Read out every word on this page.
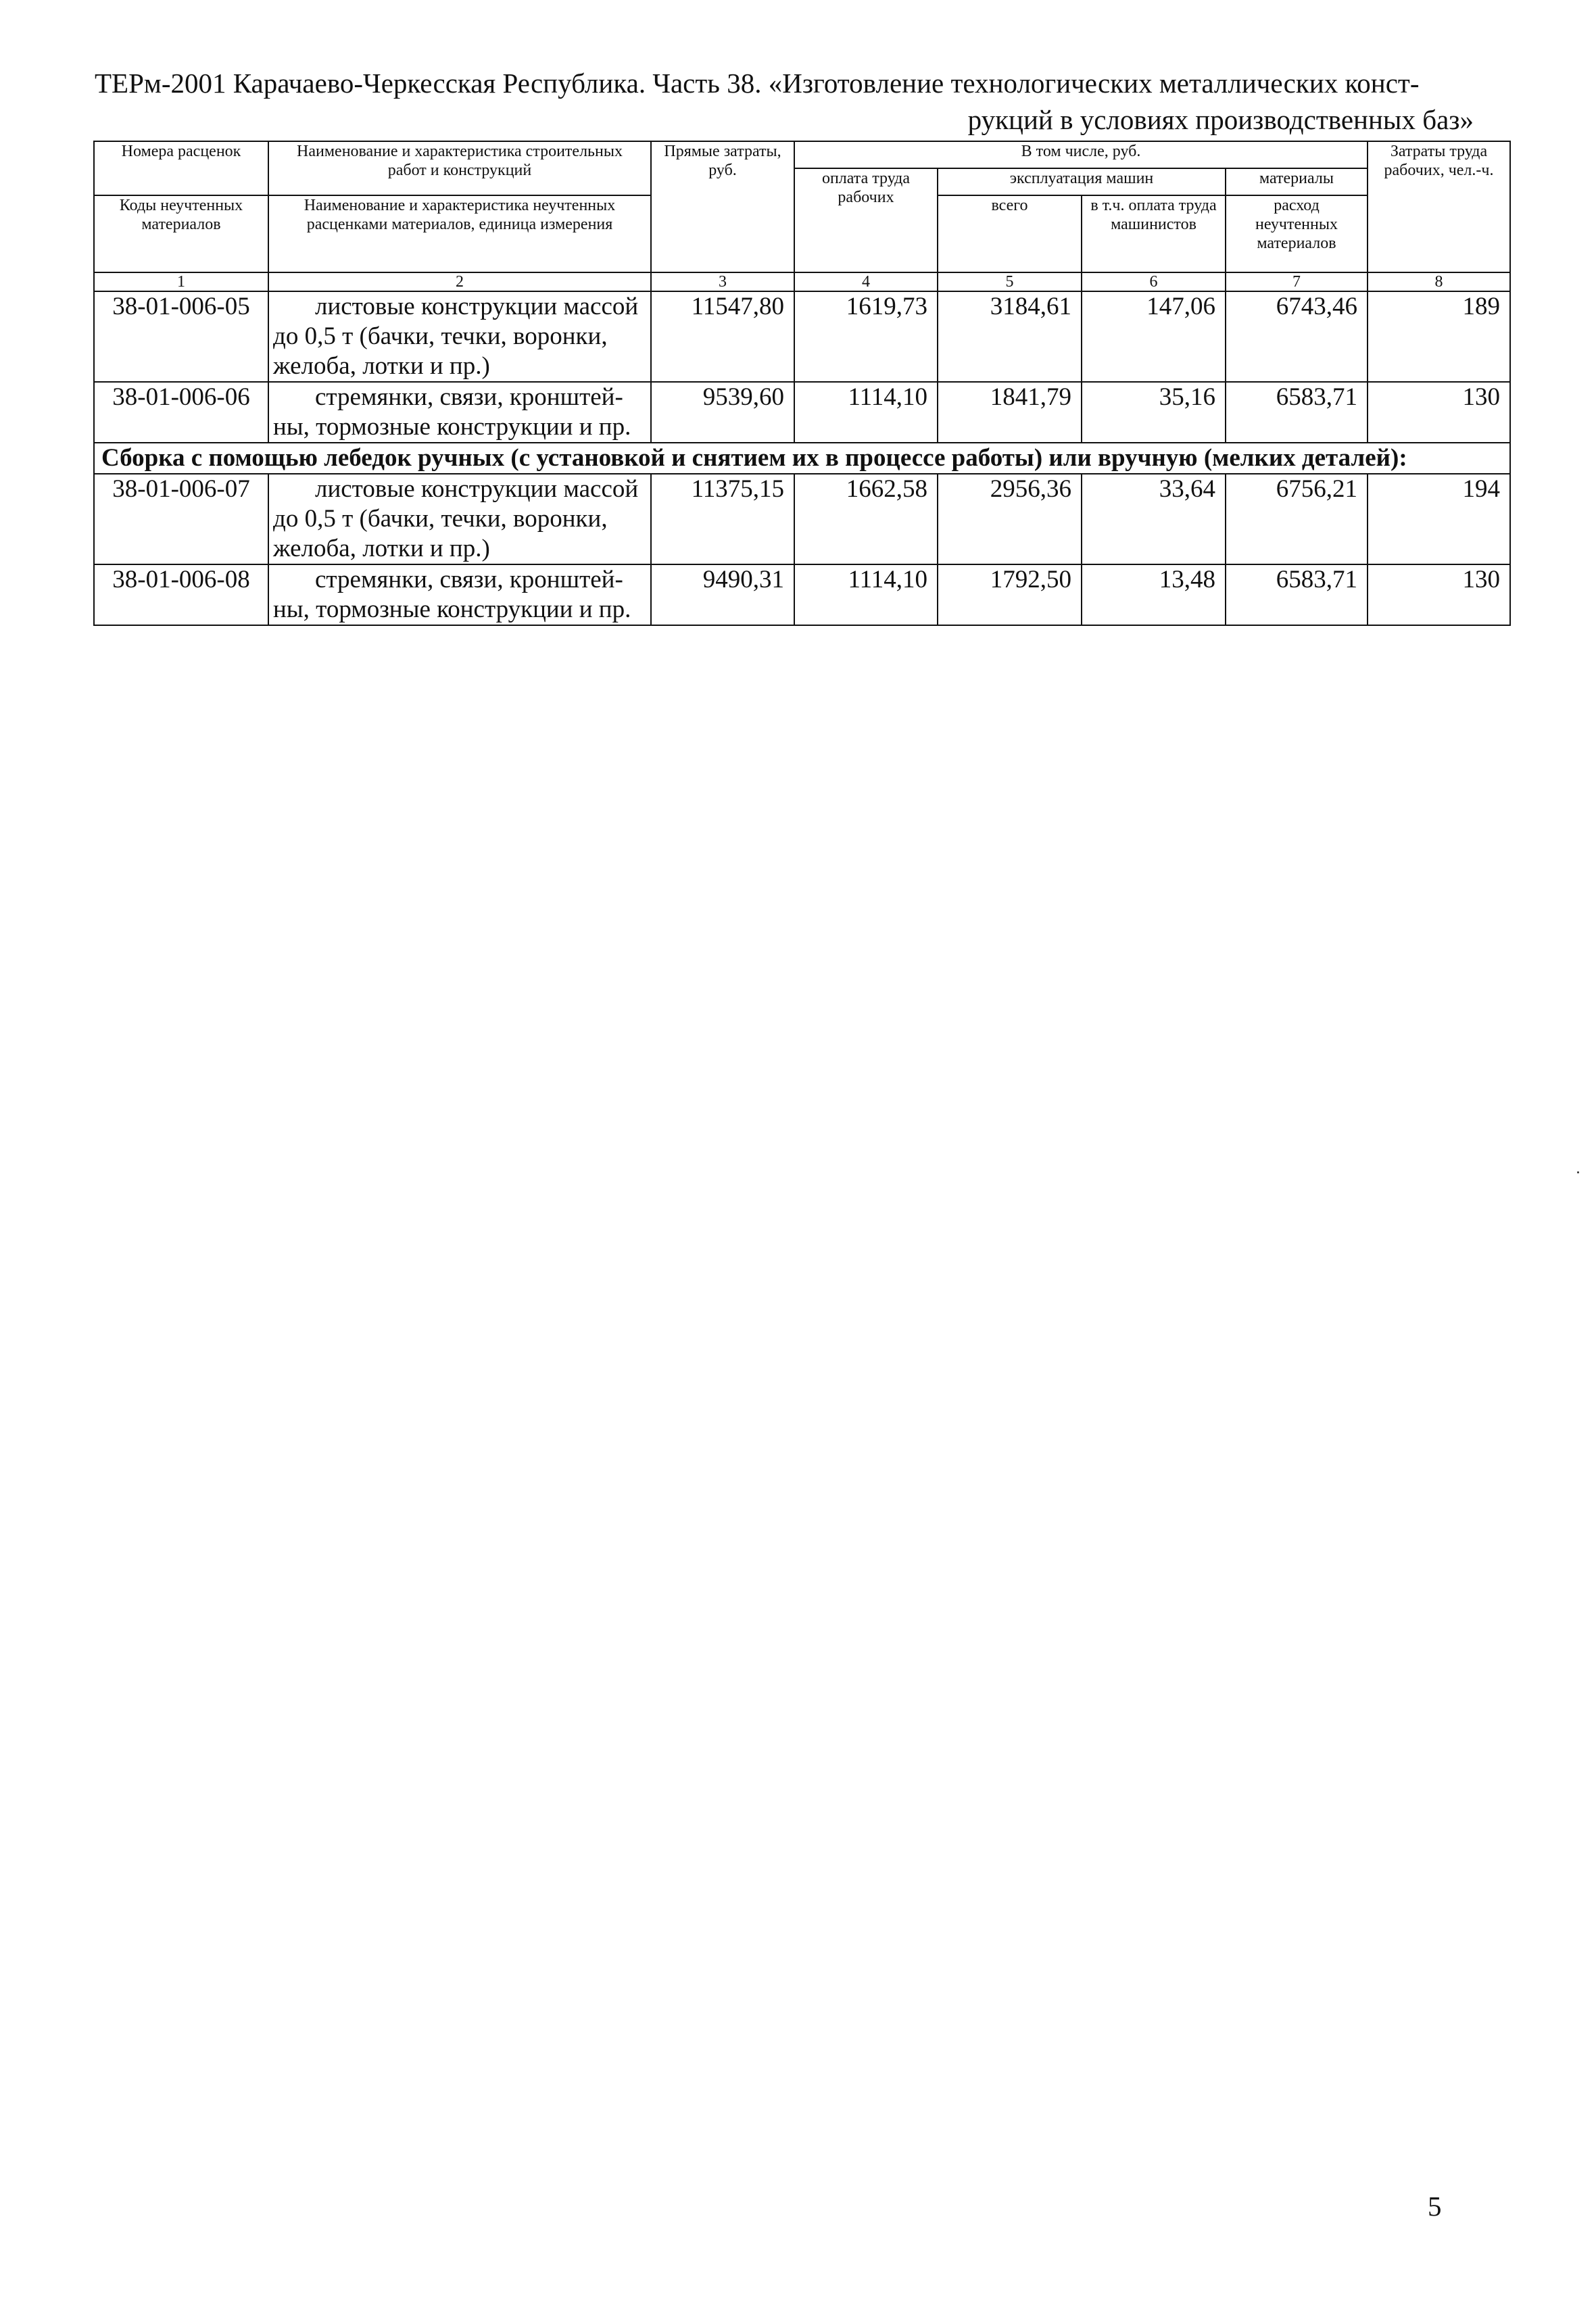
ТЕРм-2001 Карачаево-Черкесская Республика. Часть 38. «Изготовление технологических металлических конст-
рукций в условиях производственных баз»
Номера расценок	Наименование и характеристика строительных работ и конструкций	Прямые затраты, руб.	В том числе, руб.				Затраты труда рабочих, чел.-ч.
			оплата труда рабочих	эксплуатация машин		материалы	
Коды неучтенных материалов	Наименование и характеристика неучтенных расценками материалов, единица измерения			всего	в т.ч. оплата труда машинистов	расход неучтенных материалов	

1	2	3	4	5	6	7	8
38-01-006-05	листовые конструкции массой до 0,5 т (бачки, течки, воронки, желоба, лотки и пр.)	11547,80	1619,73	3184,61	147,06	6743,46	189
38-01-006-06	стремянки, связи, кронштей-ны, тормозные конструкции и пр.	9539,60	1114,10	1841,79	35,16	6583,71	130
Сборка с помощью лебедок ручных (с установкой и снятием их в процессе работы) или вручную (мелких деталей):							
38-01-006-07	листовые конструкции массой до 0,5 т (бачки, течки, воронки, желоба, лотки и пр.)	11375,15	1662,58	2956,36	33,64	6756,21	194
38-01-006-08	стремянки, связи, кронштей-ны, тормозные конструкции и пр.	9490,31	1114,10	1792,50	13,48	6583,71	130
5
